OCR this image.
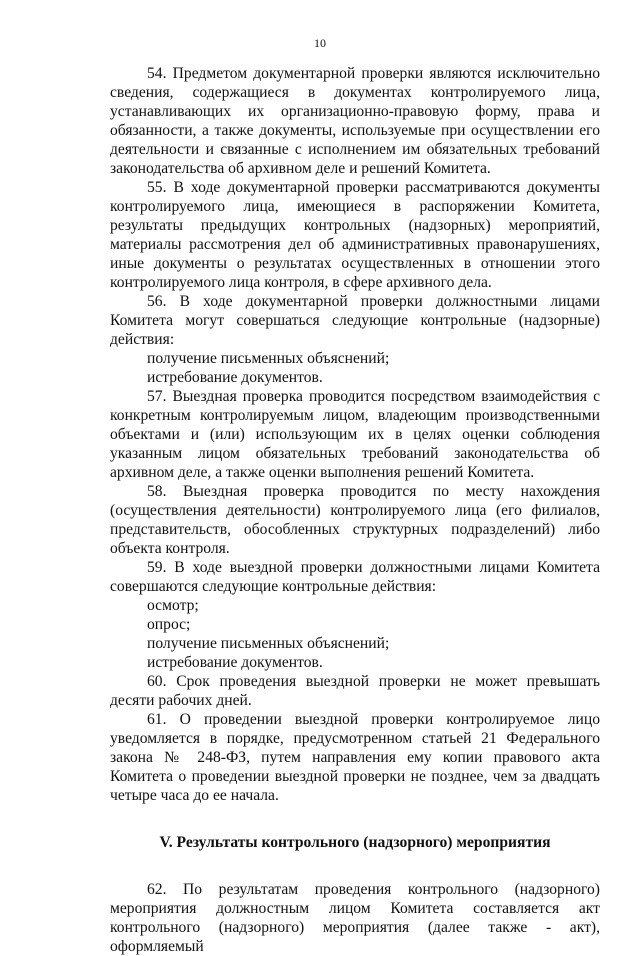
10

54. Предметом документарной проверки являются исключительно сведения, содержащиеся в документах контролируемого лица, устанавливающих их организационно-правовую форму, права и обязанности, а также документы, используемые при осуществлении его деятельности и связанные с исполнением им обязательных требований законодательства об архивном деле и решений Комитета.

55. В ходе документарной проверки рассматриваются документы контролируемого лица, имеющиеся в распоряжении Комитета, результаты предыдущих контрольных (надзорных) мероприятий, материалы рассмотрения дел об административных правонарушениях, иные документы о результатах осуществленных в отношении этого контролируемого лица контроля, в сфере архивного дела.

56. В ходе документарной проверки должностными лицами Комитета могут совершаться следующие контрольные (надзорные) действия:

получение письменных объяснений;

истребование документов.

57. Выездная проверка проводится посредством взаимодействия с конкретным контролируемым лицом, владеющим производственными объектами и (или) использующим их в целях оценки соблюдения указанным лицом обязательных требований законодательства об архивном деле, а также оценки выполнения решений Комитета.

58. Выездная проверка проводится по месту нахождения (осуществления деятельности) контролируемого лица (его филиалов, представительств, обособленных структурных подразделений) либо объекта контроля.

59. В ходе выездной проверки должностными лицами Комитета совершаются следующие контрольные действия:

осмотр;

опрос;

получение письменных объяснений;

истребование документов.

60. Срок проведения выездной проверки не может превышать десяти рабочих дней.

61. О проведении выездной проверки контролируемое лицо уведомляется в порядке, предусмотренном статьей 21 Федерального закона № 248-ФЗ, путем направления ему копии правового акта Комитета о проведении выездной проверки не позднее, чем за двадцать четыре часа до ее начала.

V. Результаты контрольного (надзорного) мероприятия

62. По результатам проведения контрольного (надзорного) мероприятия должностным лицом Комитета составляется акт контрольного (надзорного) мероприятия (далее также - акт), оформляемый
